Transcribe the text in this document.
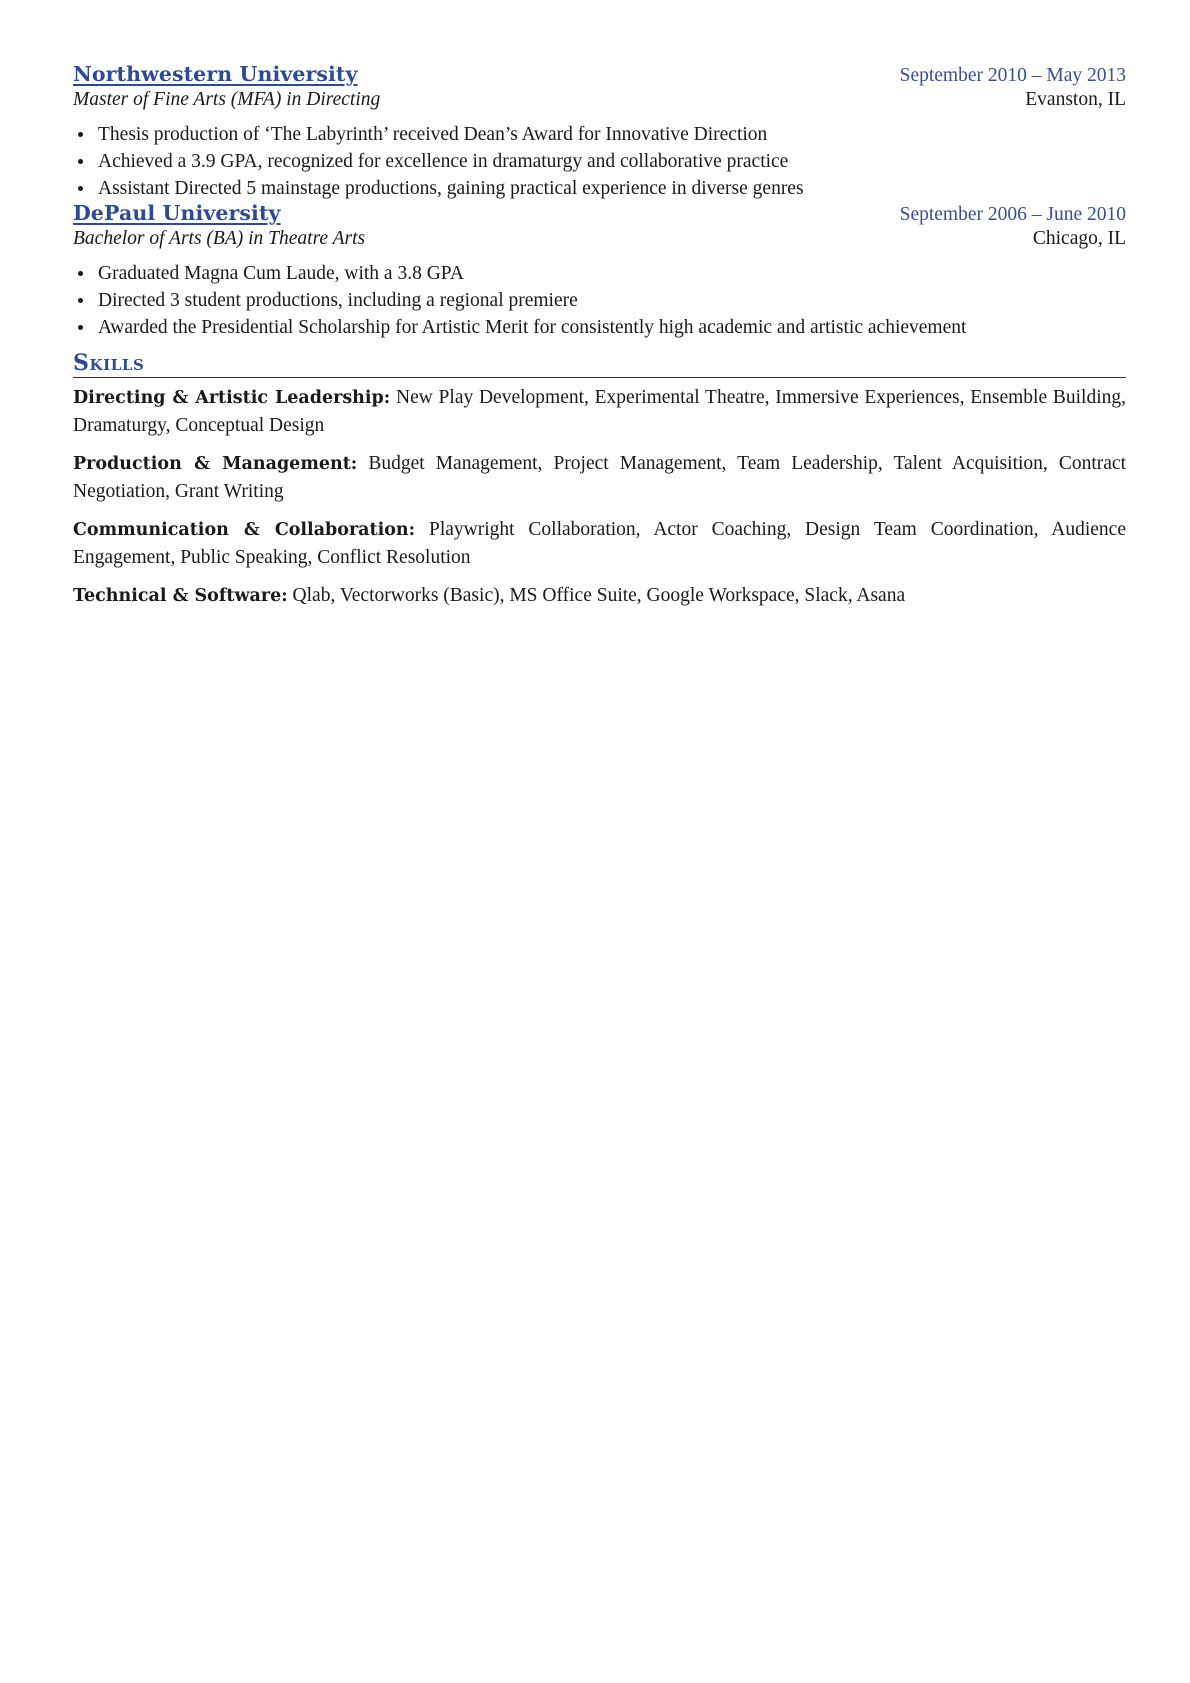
Northwestern University	September 2010 – May 2013
Master of Fine Arts (MFA) in Directing	Evanston, IL
Thesis production of ‘The Labyrinth’ received Dean’s Award for Innovative Direction
Achieved a 3.9 GPA, recognized for excellence in dramaturgy and collaborative practice
Assistant Directed 5 mainstage productions, gaining practical experience in diverse genres
DePaul University	September 2006 – June 2010
Bachelor of Arts (BA) in Theatre Arts	Chicago, IL
Graduated Magna Cum Laude, with a 3.8 GPA
Directed 3 student productions, including a regional premiere
Awarded the Presidential Scholarship for Artistic Merit for consistently high academic and artistic achievement
Skills
Directing & Artistic Leadership: New Play Development, Experimental Theatre, Immersive Experiences, Ensemble Building, Dramaturgy, Conceptual Design
Production & Management: Budget Management, Project Management, Team Leadership, Talent Acquisition, Contract Negotiation, Grant Writing
Communication & Collaboration: Playwright Collaboration, Actor Coaching, Design Team Coordination, Audience Engagement, Public Speaking, Conflict Resolution
Technical & Software: Qlab, Vectorworks (Basic), MS Office Suite, Google Workspace, Slack, Asana
